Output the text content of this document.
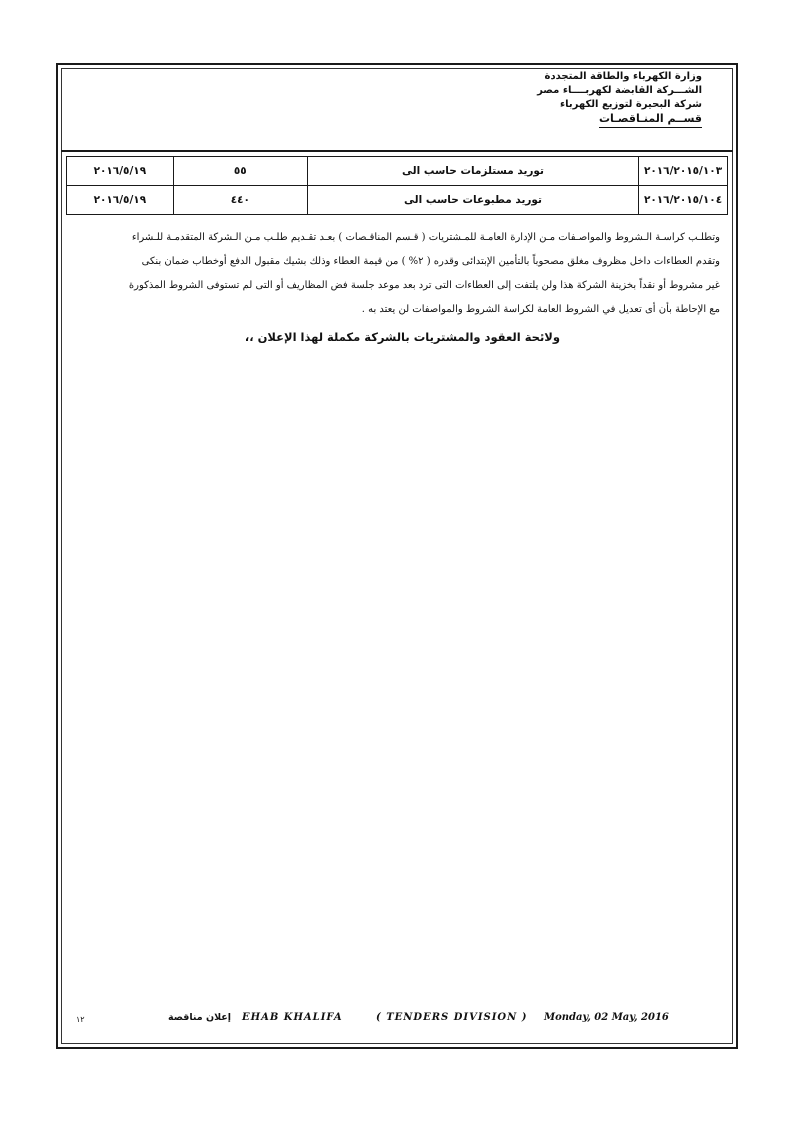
وزارة الكهرباء والطاقة المتجددة
الشـــركة القابضة لكهربــــاء مصر
شركة البحيرة لتوزيع الكهرباء
قســم المنـاقصـات
٢٠١٦/٢٠١٥/١٠٣	توريد مستلزمات حاسب الى	٥٥	٢٠١٦/٥/١٩
٢٠١٦/٢٠١٥/١٠٤	توريد مطبوعات حاسب الى	٤٤٠	٢٠١٦/٥/١٩

وتطلـب كراسـة الـشروط والمواصـفات مـن الإدارة العامـة للمـشتريات ( قـسم المناقـصات ) بعـد تقـديم طلـب مـن الـشركة المتقدمـة للـشراء

وتقدم العطاءات داخل مظروف مغلق مصحوباً بالتأمين الإبتدائى وقدره ( ٢% ) من قيمة العطاء وذلك بشيك مقبول الدفع أوخطاب ضمان بنكى

غير مشروط أو نقداً بخزينة الشركة هذا ولن يلتفت إلى العطاءات التى ترد بعد موعد جلسة فض المظاريف أو التى لم تستوفى الشروط المذكورة

مع الإحاطة بأن أى تعديل في الشروط العامة لكراسة الشروط والمواصفات لن يعتد به .

ولائحة العقود والمشتريات بالشركة مكملة لهذا الإعلان ،،
١٢	إعلان مناقصة EHAB KHALIFA	( TENDERS DIVISION ) Monday, 02 May, 2016
